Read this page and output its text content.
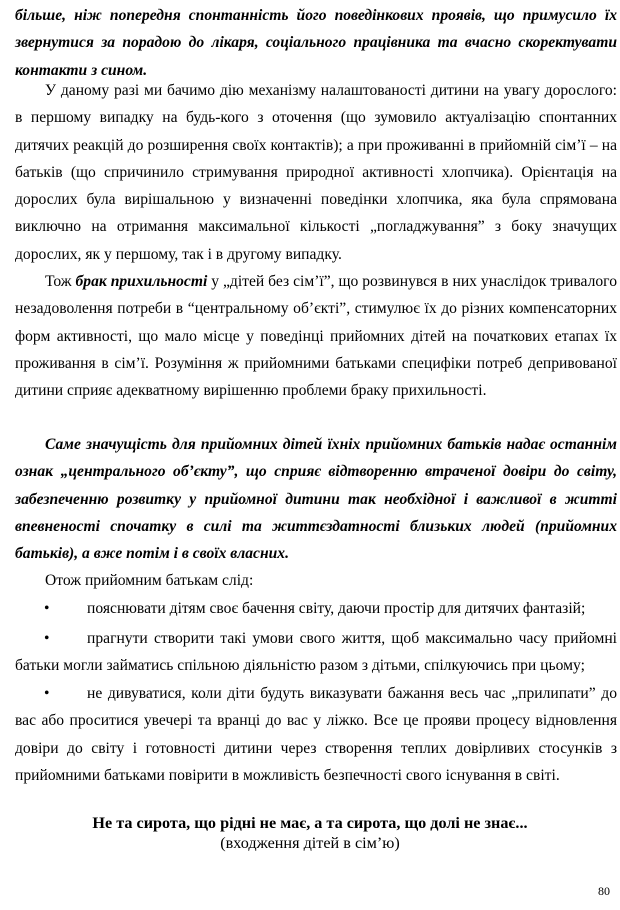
більше, ніж попередня спонтанність його поведінкових проявів, що примусило їх звернутися за порадою до лікаря, соціального працівника та вчасно скоректувати контакти з сином.

У даному разі ми бачимо дію механізму налаштованості дитини на увагу дорослого: в першому випадку на будь-кого з оточення (що зумовило актуалізацію спонтанних дитячих реакцій до розширення своїх контактів); а при проживанні в прийомній сім’ї – на батьків (що спричинило стримування природної активності хлопчика). Орієнтація на дорослих була вирішальною у визначенні поведінки хлопчика, яка була спрямована виключно на отримання максимальної кількості „погладжування” з боку значущих дорослих, як у першому, так і в другому випадку.

Тож брак прихильності у „дітей без сім’ї”, що розвинувся в них унаслідок тривалого незадоволення потреби в “центральному об’єкті”, стимулює їх до різних компенсаторних форм активності, що мало місце у поведінці прийомних дітей на початкових етапах їх проживання в сім’ї. Розуміння ж прийомними батьками специфіки потреб депривованої дитини сприяє адекватному вирішенню проблеми браку прихильності.

Саме значущість для прийомних дітей їхніх прийомних батьків надає останнім ознак „центрального об’єкту”, що сприяє відтворенню втраченої довіри до світу, забезпеченню розвитку у прийомної дитини так необхідної і важливої в житті впевненості спочатку в силі та життєздатності близьких людей (прийомних батьків), а вже потім і в своїх власних.

Отож прийомним батькам слід:

• пояснювати дітям своє бачення світу, даючи простір для дитячих фантазій;

• прагнути створити такі умови свого життя, щоб максимально часу прийомні батьки могли займатись спільною діяльністю разом з дітьми, спілкуючись при цьому;

• не дивуватися, коли діти будуть виказувати бажання весь час „прилипати” до вас або проситися увечері та вранці до вас у ліжко. Все це прояви процесу відновлення довіри до світу і готовності дитини через створення теплих довірливих стосунків з прийомними батьками повірити в можливість безпечності свого існування в світі.

Не та сирота, що рідні не має, а та сирота, що долі не знає...
(входження дітей в сім’ю)
80
